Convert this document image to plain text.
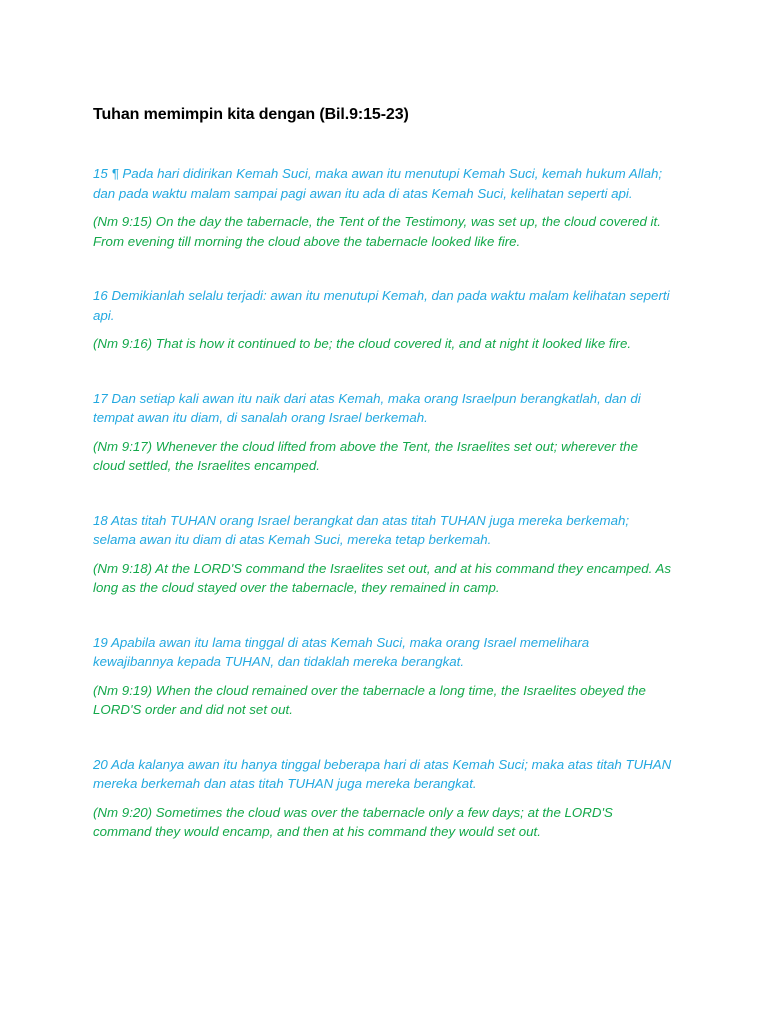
Tuhan memimpin kita dengan (Bil.9:15-23)

15 ¶ Pada hari didirikan Kemah Suci, maka awan itu menutupi Kemah Suci, kemah hukum Allah; dan pada waktu malam sampai pagi awan itu ada di atas Kemah Suci, kelihatan seperti api.

(Nm 9:15) On the day the tabernacle, the Tent of the Testimony, was set up, the cloud covered it. From evening till morning the cloud above the tabernacle looked like fire.

16 Demikianlah selalu terjadi: awan itu menutupi Kemah, dan pada waktu malam kelihatan seperti api.

(Nm 9:16) That is how it continued to be; the cloud covered it, and at night it looked like fire.

17 Dan setiap kali awan itu naik dari atas Kemah, maka orang Israelpun berangkatlah, dan di tempat awan itu diam, di sanalah orang Israel berkemah.

(Nm 9:17) Whenever the cloud lifted from above the Tent, the Israelites set out; wherever the cloud settled, the Israelites encamped.

18 Atas titah TUHAN orang Israel berangkat dan atas titah TUHAN juga mereka berkemah; selama awan itu diam di atas Kemah Suci, mereka tetap berkemah.

(Nm 9:18) At the LORD'S command the Israelites set out, and at his command they encamped. As long as the cloud stayed over the tabernacle, they remained in camp.

19 Apabila awan itu lama tinggal di atas Kemah Suci, maka orang Israel memelihara kewajibannya kepada TUHAN, dan tidaklah mereka berangkat.

(Nm 9:19) When the cloud remained over the tabernacle a long time, the Israelites obeyed the LORD'S order and did not set out.

20 Ada kalanya awan itu hanya tinggal beberapa hari di atas Kemah Suci; maka atas titah TUHAN mereka berkemah dan atas titah TUHAN juga mereka berangkat.

(Nm 9:20) Sometimes the cloud was over the tabernacle only a few days; at the LORD'S command they would encamp, and then at his command they would set out.
